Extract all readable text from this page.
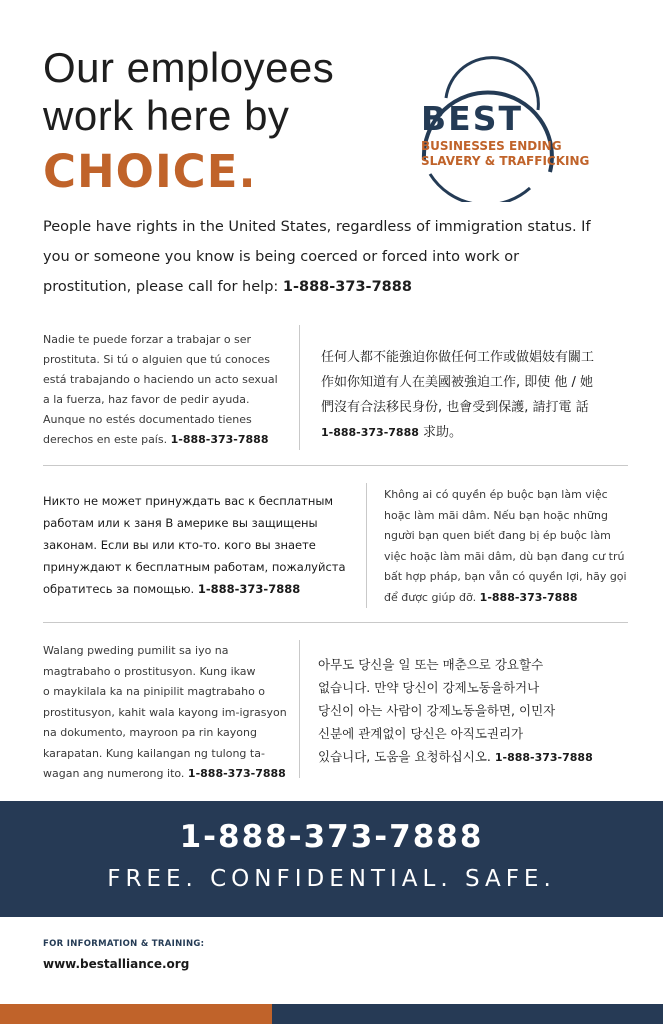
Our employees
work here by
CHOICE.
BEST
BUSINESSES ENDING
SLAVERY & TRAFFICKING
People have rights in the United States, regardless of immigration status. If you or someone you know is being coerced or forced into work or prostitution, please call for help: 1-888-373-7888
Nadie te puede forzar a trabajar o ser
prostituta. Si tú o alguien que tú conoces
está trabajando o haciendo un acto sexual
a la fuerza, haz favor de pedir ayuda.
Aunque no estés documentado tienes
derechos en este país. 1-888-373-7888
任何人都不能強迫你做任何工作或做娼妓有關工
作如你知道有人在美國被強迫工作, 即使 他 / 她
們沒有合法移民身份, 也會受到保護, 請打電 話
1-888-373-7888 求助。
Никто не может принуждать вас к бесплатным
работам или к заня В америке вы защищены
законам. Если вы или кто-то. кого вы знаете
принуждают к бесплатным работам, пожалуйста
обратитесь за помощью. 1-888-373-7888
Không ai có quyền ép buộc bạn làm việc
hoặc làm mãi dâm. Nếu bạn hoặc những
người bạn quen biết đang bị ép buộc làm
việc hoặc làm mãi dâm, dù bạn đang cư trú
bất hợp pháp, bạn vẫn có quyền lợi, hãy gọi
để được giúp đỡ. 1-888-373-7888
Walang pweding pumilit sa iyo na
magtrabaho o prostitusyon. Kung ikaw
o maykilala ka na pinipilit magtrabaho o
prostitusyon, kahit wala kayong im-igrasyon
na dokumento, mayroon pa rin kayong
karapatan. Kung kailangan ng tulong ta-
wagan ang numerong ito. 1-888-373-7888
아무도 당신을 일 또는 매춘으로 강요할수
없습니다. 만약 당신이 강제노동을하거나
당신이 아는 사람이 강제노동을하면, 이민자
신분에 관계없이 당신은 아직도권리가
있습니다, 도움을 요청하십시오. 1-888-373-7888
1-888-373-7888
FREE. CONFIDENTIAL. SAFE.
FOR INFORMATION & TRAINING:
www.bestalliance.org
